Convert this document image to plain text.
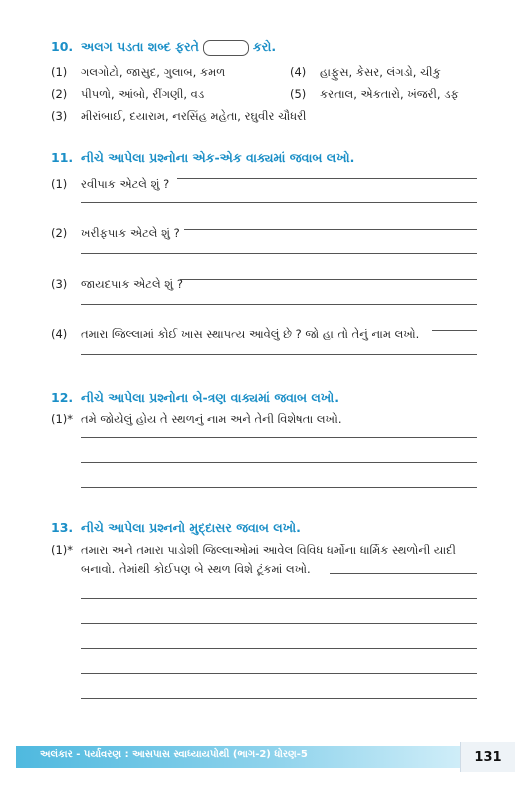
10. અલગ પડતા શબ્દ ફરતે	કરો.
(1) ગલગોટો, જાસુદ, ગુલાબ, કમળ
(2) પીપળો, આંબો, રીંગણી, વડ
(3) મીરાંબાઈ, દયારામ, નરસિંહ મહેતા, રઘુવીર ચૌધરી
(4) હાફુસ, કેસર, લંગડો, ચીકુ
(5) કરતાલ, એકતારો, ખંજરી, ડફ
11. નીચે આપેલા પ્રશ્નોના એક-એક વાક્યમાં જવાબ લખો.
(1) રવીપાક એટલે શું ?
(2) ખરીફપાક એટલે શું ?
(3) જાયદપાક એટલે શું ?
(4) તમારા જિલ્લામાં કોઈ ખાસ સ્થાપત્ય આવેલું છે ? જો હા તો તેનું નામ લખો.
12. નીચે આપેલા પ્રશ્નોના બે-ત્રણ વાક્યમાં જવાબ લખો.
(1)* તમે જોયેલું હોય તે સ્થળનું નામ અને તેની વિશેષતા લખો.
13. નીચે આપેલા પ્રશ્નનો મુદ્દાસર જવાબ લખો.
(1)* તમારા અને તમારા પાડોશી જિલ્લાઓમાં આવેલ વિવિધ ધર્મોના ધાર્મિક સ્થળોની યાદી
બનાવો. તેમાંથી કોઈપણ બે સ્થળ વિશે ટૂંકમાં લખો.
અલંકાર - પર્યાવરણ : આસપાસ સ્વાધ્યાયપોથી (ભાગ-2) ધોરણ-5	131
